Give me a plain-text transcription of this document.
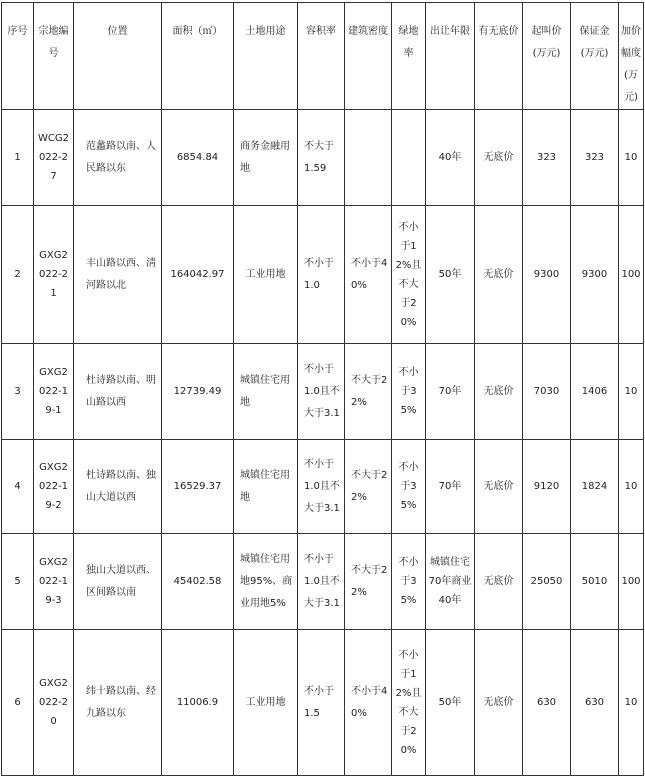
序号	宗地编号	位置	面积（㎡）	土地用途	容积率	建筑密度	绿地率	出让年限	有无底价	起叫价(万元)	保证金(万元)	加价幅度(万元)
1	WCG2022-27	范蠡路以南、人民路以东	6854.84	商务金融用地	不大于1.59			40年	无底价	323	323	10
2	GXG2022-21	丰山路以西、淸河路以北	164042.97	工业用地	不小于1.0	不小于40%	不小于12%且不大于20%	50年	无底价	9300	9300	100
3	GXG2022-19-1	杜诗路以南、明山路以西	12739.49	城镇住宅用地	不小于1.0且不大于3.1	不大于22%	不小于35%	70年	无底价	7030	1406	10
4	GXG2022-19-2	杜诗路以南、独山大道以西	16529.37	城镇住宅用地	不小于1.0且不大于3.1	不大于22%	不小于35%	70年	无底价	9120	1824	10
5	GXG2022-19-3	独山大道以西、区间路以南	45402.58	城镇住宅用地95%、商业用地5%	不小于1.0且不大于3.1	不大于22%	不小于35%	城镇住宅70年商业40年	无底价	25050	5010	100
6	GXG2022-20	纬十路以南、经九路以东	11006.9	工业用地	不小于1.5	不小于40%	不小于12%且不大于20%	50年	无底价	630	630	10
